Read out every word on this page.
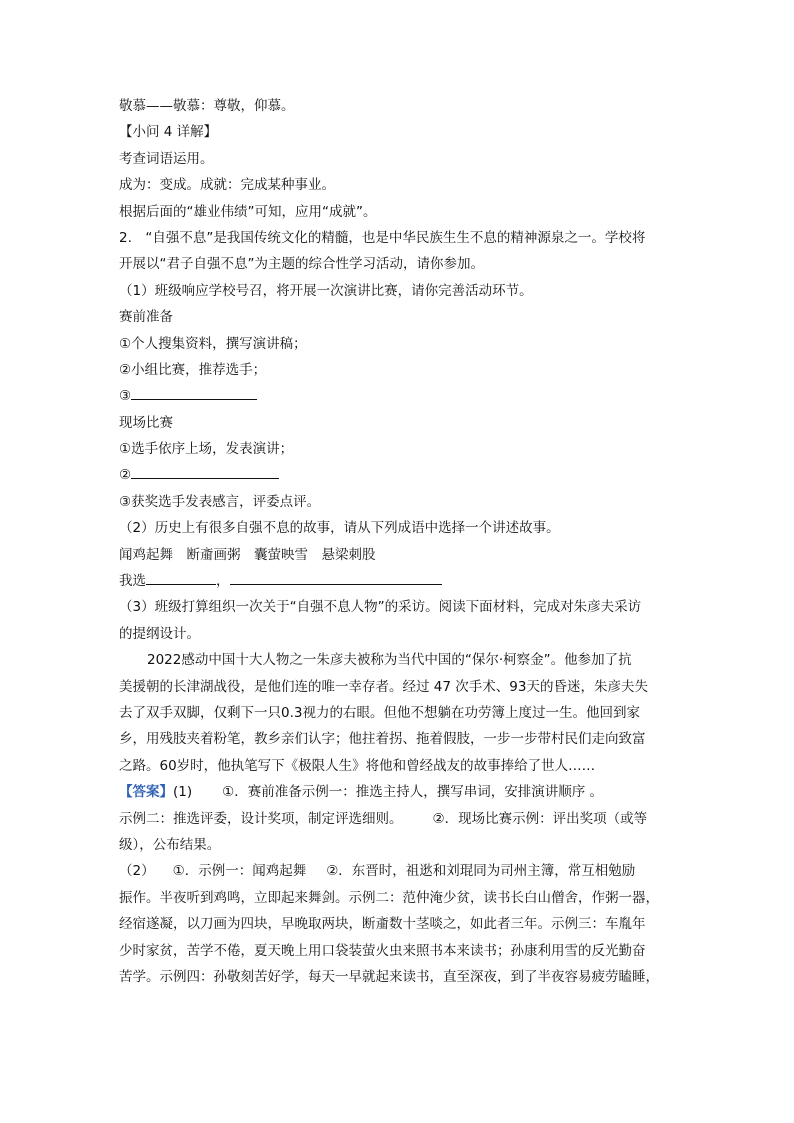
敬慕——敬慕：尊敬，仰慕。
【小问 4 详解】
考查词语运用。
成为：变成。成就：完成某种事业。
根据后面的“雄业伟绩”可知，应用“成就”。
2.　“自强不息”是我国传统文化的精髓，也是中华民族生生不息的精神源泉之一。学校将
开展以“君子自强不息”为主题的综合性学习活动，请你参加。
（1）班级响应学校号召，将开展一次演讲比赛，请你完善活动环节。
赛前准备
①个人搜集资料，撰写演讲稿；
②小组比赛，推荐选手；
③
现场比赛
①选手依序上场，发表演讲；
②
③获奖选手发表感言，评委点评。
（2）历史上有很多自强不息的故事，请从下列成语中选择一个讲述故事。
闻鸡起舞　断齑画粥　囊萤映雪　悬梁刺股
我选	，
（3）班级打算组织一次关于“自强不息人物”的采访。阅读下面材料，完成对朱彦夫采访
的提纲设计。
2022感动中国十大人物之一朱彦夫被称为当代中国的“保尔·柯察金”。他参加了抗
美援朝的长津湖战役，是他们连的唯一幸存者。经过 47 次手术、93天的昏迷，朱彦夫失
去了双手双脚，仅剩下一只0.3视力的右眼。但他不想躺在功劳簿上度过一生。他回到家
乡，用残肢夹着粉笔，教乡亲们认字；他拄着拐、拖着假肢，一步一步带村民们走向致富
之路。60岁时，他执笔写下《极限人生》将他和曾经战友的故事捧给了世人……
【答案】(1) ①．赛前准备示例一：推选主持人，撰写串词，安排演讲顺序 。
示例二：推选评委，设计奖项，制定评选细则。 ②．现场比赛示例：评出奖项（或等
级），公布结果。
（2） ①．示例一：闻鸡起舞 ②．东晋时，祖逖和刘琨同为司州主簿，常互相勉励
振作。半夜听到鸡鸣，立即起来舞剑。示例二：范仲淹少贫，读书长白山僧舍，作粥一器，
经宿遂凝，以刀画为四块，早晚取两块，断齑数十茎啖之，如此者三年。示例三：车胤年
少时家贫，苦学不倦，夏天晚上用口袋装萤火虫来照书本来读书；孙康利用雪的反光勤奋
苦学。示例四：孙敬刻苦好学，每天一早就起来读书，直至深夜，到了半夜容易疲劳瞌睡，
